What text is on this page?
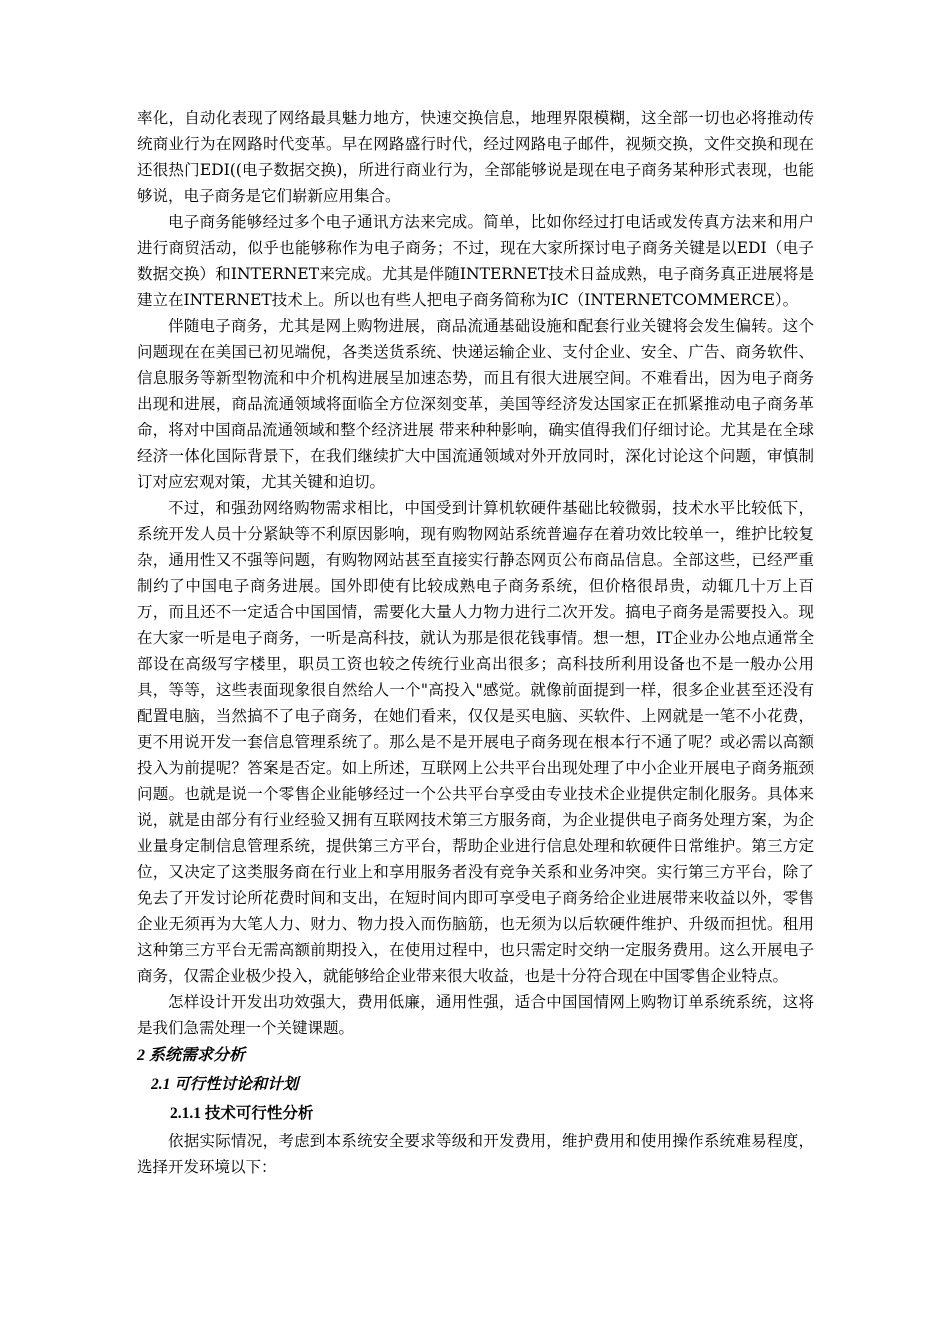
率化，自动化表现了网络最具魅力地方，快速交换信息，地理界限模糊，这全部一切也必将推动传统商业行为在网路时代变革。早在网路盛行时代，经过网路电子邮件，视频交换，文件交换和现在还很热门EDI((电子数据交换)，所进行商业行为，全部能够说是现在电子商务某种形式表现，也能够说，电子商务是它们崭新应用集合。

电子商务能够经过多个电子通讯方法来完成。简单，比如你经过打电话或发传真方法来和用户进行商贸活动，似乎也能够称作为电子商务；不过，现在大家所探讨电子商务关键是以EDI（电子数据交换）和INTERNET来完成。尤其是伴随INTERNET技术日益成熟，电子商务真正进展将是建立在INTERNET技术上。所以也有些人把电子商务简称为IC（INTERNETCOMMERCE）。

伴随电子商务，尤其是网上购物进展，商品流通基础设施和配套行业关键将会发生偏转。这个问题现在在美国已初见端倪，各类送货系统、快递运输企业、支付企业、安全、广告、商务软件、信息服务等新型物流和中介机构进展呈加速态势，而且有很大进展空间。不难看出，因为电子商务出现和进展，商品流通领域将面临全方位深刻变革，美国等经济发达国家正在抓紧推动电子商务革命，将对中国商品流通领域和整个经济进展 带来种种影响，确实值得我们仔细讨论。尤其是在全球经济一体化国际背景下，在我们继续扩大中国流通领域对外开放同时，深化讨论这个问题，审慎制订对应宏观对策，尤其关键和迫切。

不过，和强劲网络购物需求相比，中国受到计算机软硬件基础比较微弱，技术水平比较低下，系统开发人员十分紧缺等不利原因影响，现有购物网站系统普遍存在着功效比较单一，维护比较复杂，通用性又不强等问题，有购物网站甚至直接实行静态网页公布商品信息。全部这些，已经严重制约了中国电子商务进展。国外即使有比较成熟电子商务系统，但价格很昂贵，动辄几十万上百万，而且还不一定适合中国国情，需要化大量人力物力进行二次开发。搞电子商务是需要投入。现在大家一听是电子商务，一听是高科技，就认为那是很花钱事情。想一想，IT企业办公地点通常全部设在高级写字楼里，职员工资也较之传统行业高出很多；高科技所利用设备也不是一般办公用具，等等，这些表面现象很自然给人一个"高投入"感觉。就像前面提到一样，很多企业甚至还没有配置电脑，当然搞不了电子商务，在她们看来，仅仅是买电脑、买软件、上网就是一笔不小花费，更不用说开发一套信息管理系统了。那么是不是开展电子商务现在根本行不通了呢？或必需以高额投入为前提呢？答案是否定。如上所述，互联网上公共平台出现处理了中小企业开展电子商务瓶颈问题。也就是说一个零售企业能够经过一个公共平台享受由专业技术企业提供定制化服务。具体来说，就是由部分有行业经验又拥有互联网技术第三方服务商，为企业提供电子商务处理方案，为企业量身定制信息管理系统，提供第三方平台，帮助企业进行信息处理和软硬件日常维护。第三方定位，又决定了这类服务商在行业上和享用服务者没有竞争关系和业务冲突。实行第三方平台，除了免去了开发讨论所花费时间和支出，在短时间内即可享受电子商务给企业进展带来收益以外，零售企业无须再为大笔人力、财力、物力投入而伤脑筋，也无须为以后软硬件维护、升级而担忧。租用这种第三方平台无需高额前期投入，在使用过程中，也只需定时交纳一定服务费用。这么开展电子商务，仅需企业极少投入，就能够给企业带来很大收益，也是十分符合现在中国零售企业特点。

怎样设计开发出功效强大，费用低廉，通用性强，适合中国国情网上购物订单系统系统，这将是我们急需处理一个关键课题。

2 系统需求分析
2.1 可行性讨论和计划
2.1.1 技术可行性分析

依据实际情况，考虑到本系统安全要求等级和开发费用，维护费用和使用操作系统难易程度，选择开发环境以下：
